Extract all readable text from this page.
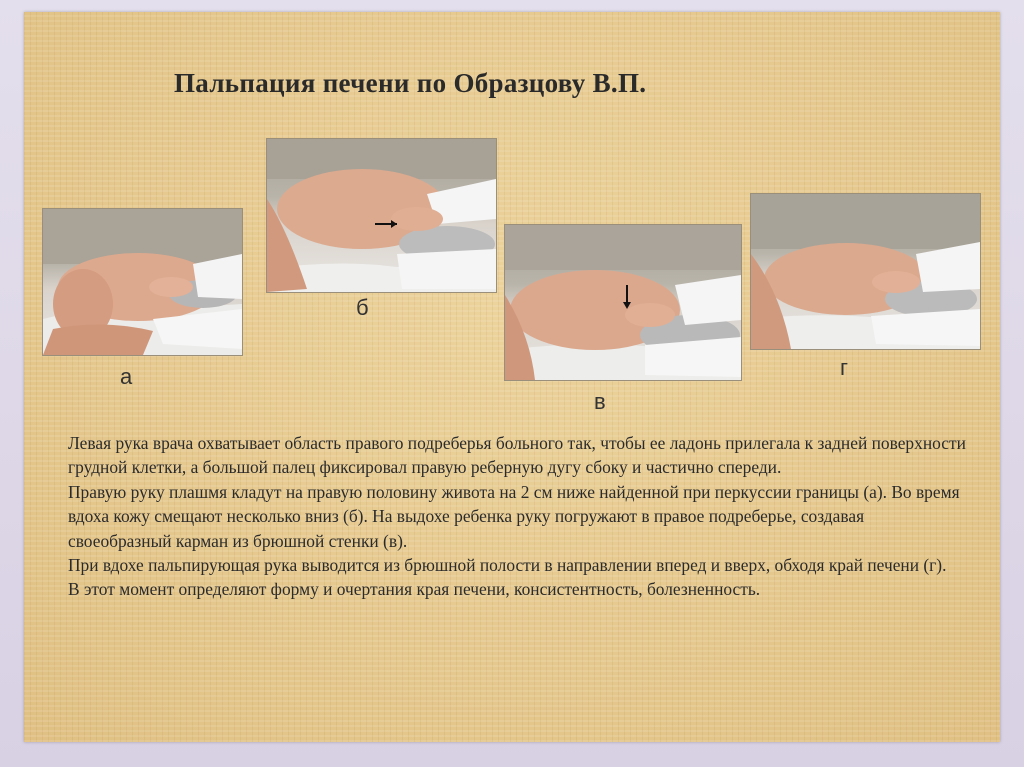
Пальпация печени по Образцову В.П.
а
б
в
г

Левая рука врача охватывает область правого подреберья больного так, чтобы ее ладонь прилегала к задней поверхности грудной клетки, а большой палец фиксировал правую реберную дугу сбоку и частично спереди.

Правую руку плашмя кладут на правую половину живота на 2 см ниже найденной при перкуссии границы (а). Во время вдоха кожу смещают несколько вниз (б). На выдохе ребенка руку погружают в правое подреберье, создавая своеобразный карман из брюшной стенки (в).

При вдохе пальпирующая рука выводится из брюшной полости в направлении вперед и вверх, обходя край печени (г).

В этот момент определяют форму и очертания края печени, консистентность, болезненность.
